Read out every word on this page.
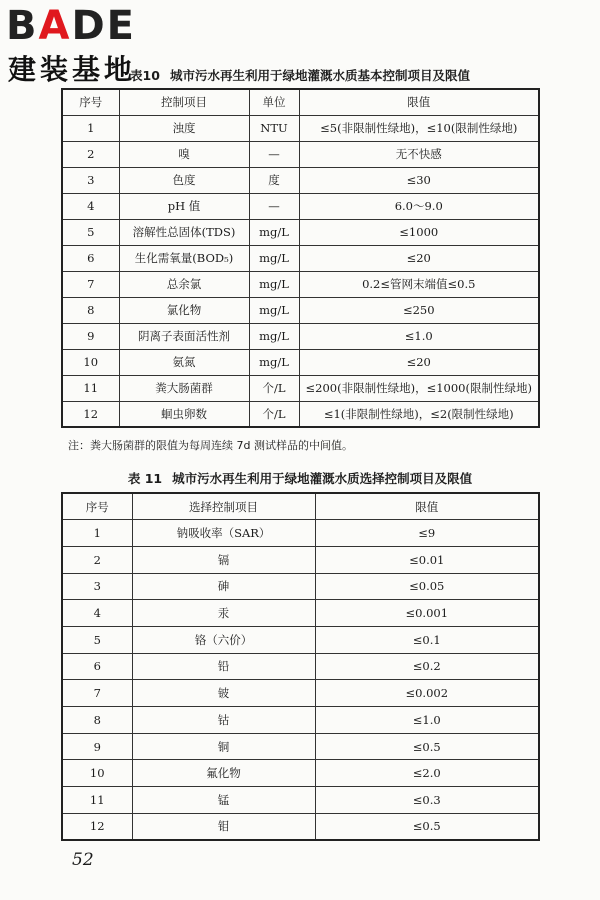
BADE
建装基地
表10 城市污水再生利用于绿地灌溉水质基本控制项目及限值
序号	控制项目	单位	限值
1	浊度	NTU	≤5(非限制性绿地)，≤10(限制性绿地)
2	嗅	—	无不快感
3	色度	度	≤30
4	pH 值	—	6.0～9.0
5	溶解性总固体(TDS)	mg/L	≤1000
6	生化需氧量(BOD₅)	mg/L	≤20
7	总余氯	mg/L	0.2≤管网末端值≤0.5
8	氯化物	mg/L	≤250
9	阴离子表面活性剂	mg/L	≤1.0
10	氨氮	mg/L	≤20
11	粪大肠菌群	个/L	≤200(非限制性绿地)，≤1000(限制性绿地)
12	蛔虫卵数	个/L	≤1(非限制性绿地)，≤2(限制性绿地)
注：粪大肠菌群的限值为每周连续 7d 测试样品的中间值。
表 11 城市污水再生利用于绿地灌溉水质选择控制项目及限值
序号	选择控制项目	限值
1	钠吸收率（SAR）	≤9
2	镉	≤0.01
3	砷	≤0.05
4	汞	≤0.001
5	铬（六价）	≤0.1
6	铅	≤0.2
7	铍	≤0.002
8	钴	≤1.0
9	铜	≤0.5
10	氟化物	≤2.0
11	锰	≤0.3
12	钼	≤0.5
52
